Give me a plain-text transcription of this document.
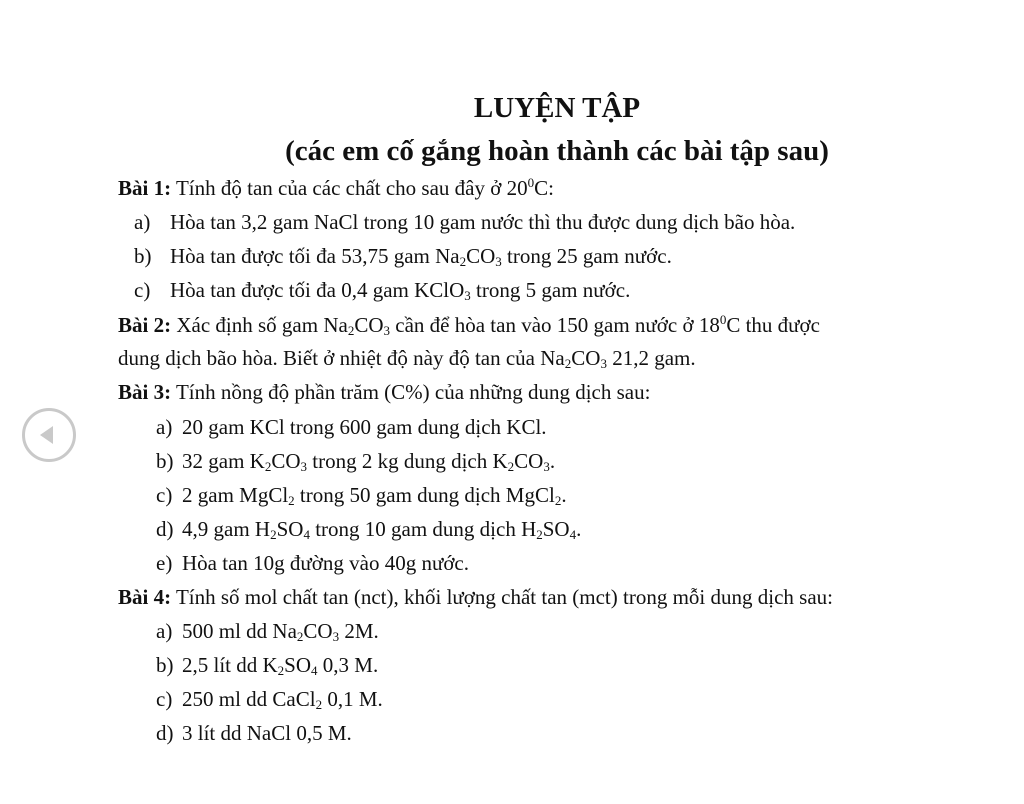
LUYỆN TẬP
(các em cố gắng hoàn thành các bài tập sau)
Bài 1: Tính độ tan của các chất cho sau đây ở $20^0C$:
a) Hòa tan 3,2 gam NaCl trong 10 gam nước thì thu được dung dịch bão hòa.
b) Hòa tan được tối đa 53,75 gam $Na_2CO_3$ trong 25 gam nước.
c) Hòa tan được tối đa 0,4 gam KClO$_3$ trong 5 gam nước.
Bài 2: Xác định số gam $Na_2CO_3$ cần để hòa tan vào 150 gam nước ở $18^0C$ thu được
dung dịch bão hòa. Biết ở nhiệt độ này độ tan của $Na_2CO_3$ 21,2 gam.
Bài 3: Tính nồng độ phần trăm (C%) của những dung dịch sau:
a) 20 gam KCl trong 600 gam dung dịch KCl.
b) 32 gam $K_2CO_3$ trong 2 kg dung dịch $K_2CO_3$.
c) 2 gam MgCl$_2$ trong 50 gam dung dịch MgCl$_2$.
d) 4,9 gam $H_2SO_4$ trong 10 gam dung dịch $H_2SO_4$.
e) Hòa tan 10g đường vào 40g nước.
Bài 4: Tính số mol chất tan (nct), khối lượng chất tan (mct) trong mỗi dung dịch sau:
a) 500 ml dd $Na_2CO_3$ 2M.
b) 2,5 lít dd $K_2SO_4$ 0,3 M.
c) 250 ml dd CaCl$_2$ 0,1 M.
d) 3 lít dd NaCl 0,5 M.
